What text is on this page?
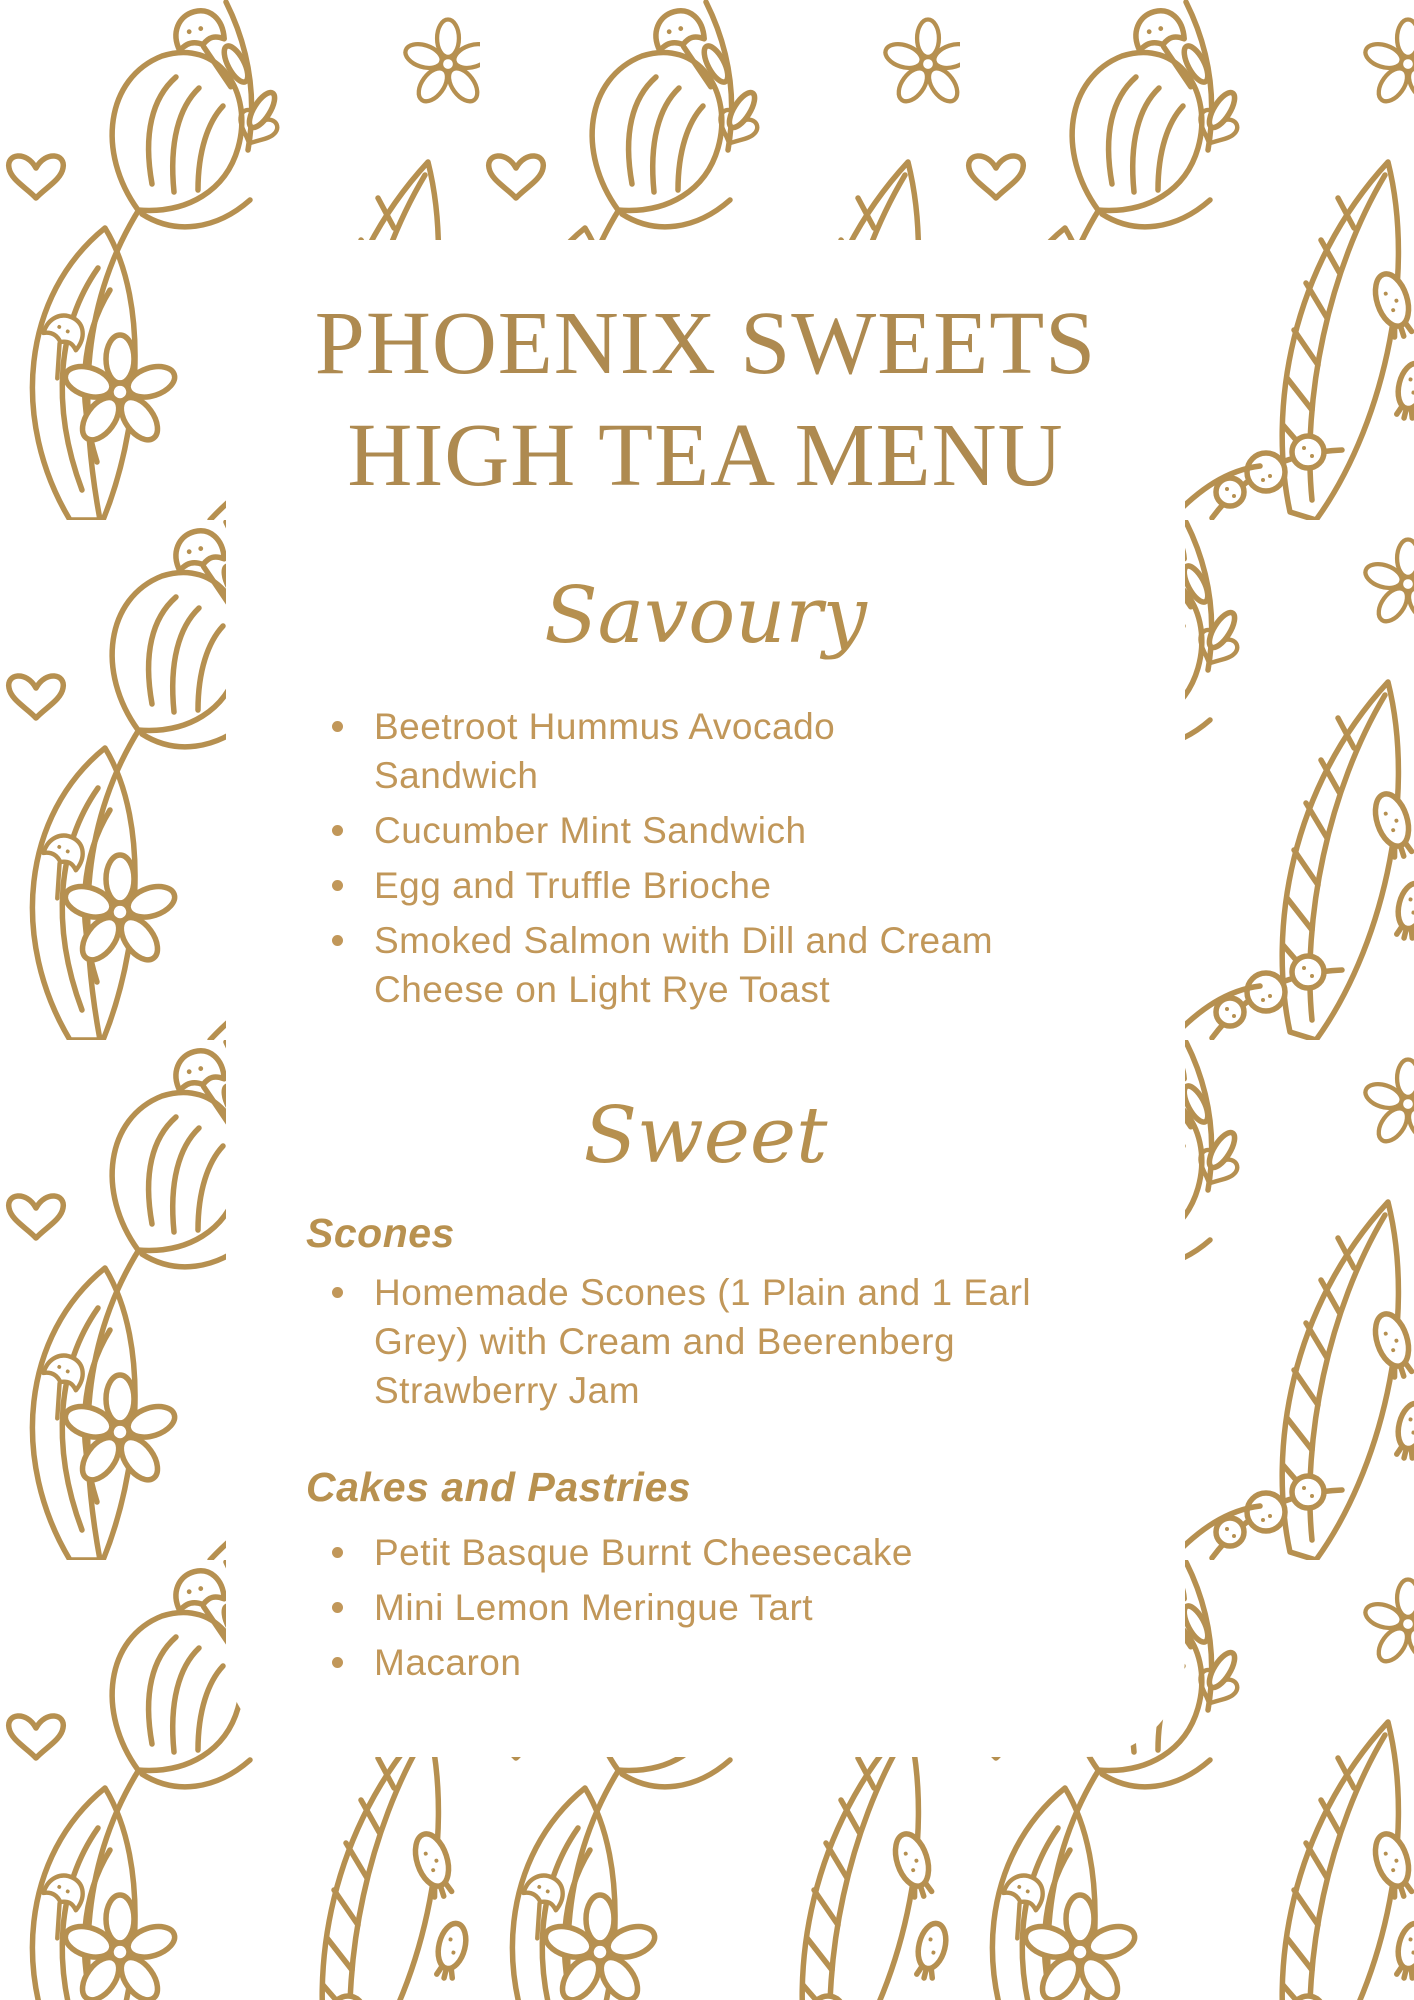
PHOENIX SWEETS
HIGH TEA MENU
Savoury
Beetroot Hummus Avocado
Sandwich
Cucumber Mint Sandwich
Egg and Truffle Brioche
Smoked Salmon with Dill and Cream
Cheese on Light Rye Toast
Sweet
Scones
Homemade Scones (1 Plain and 1 Earl
Grey) with Cream and Beerenberg
Strawberry Jam
Cakes and Pastries
Petit Basque Burnt Cheesecake
Mini Lemon Meringue Tart
Macaron
